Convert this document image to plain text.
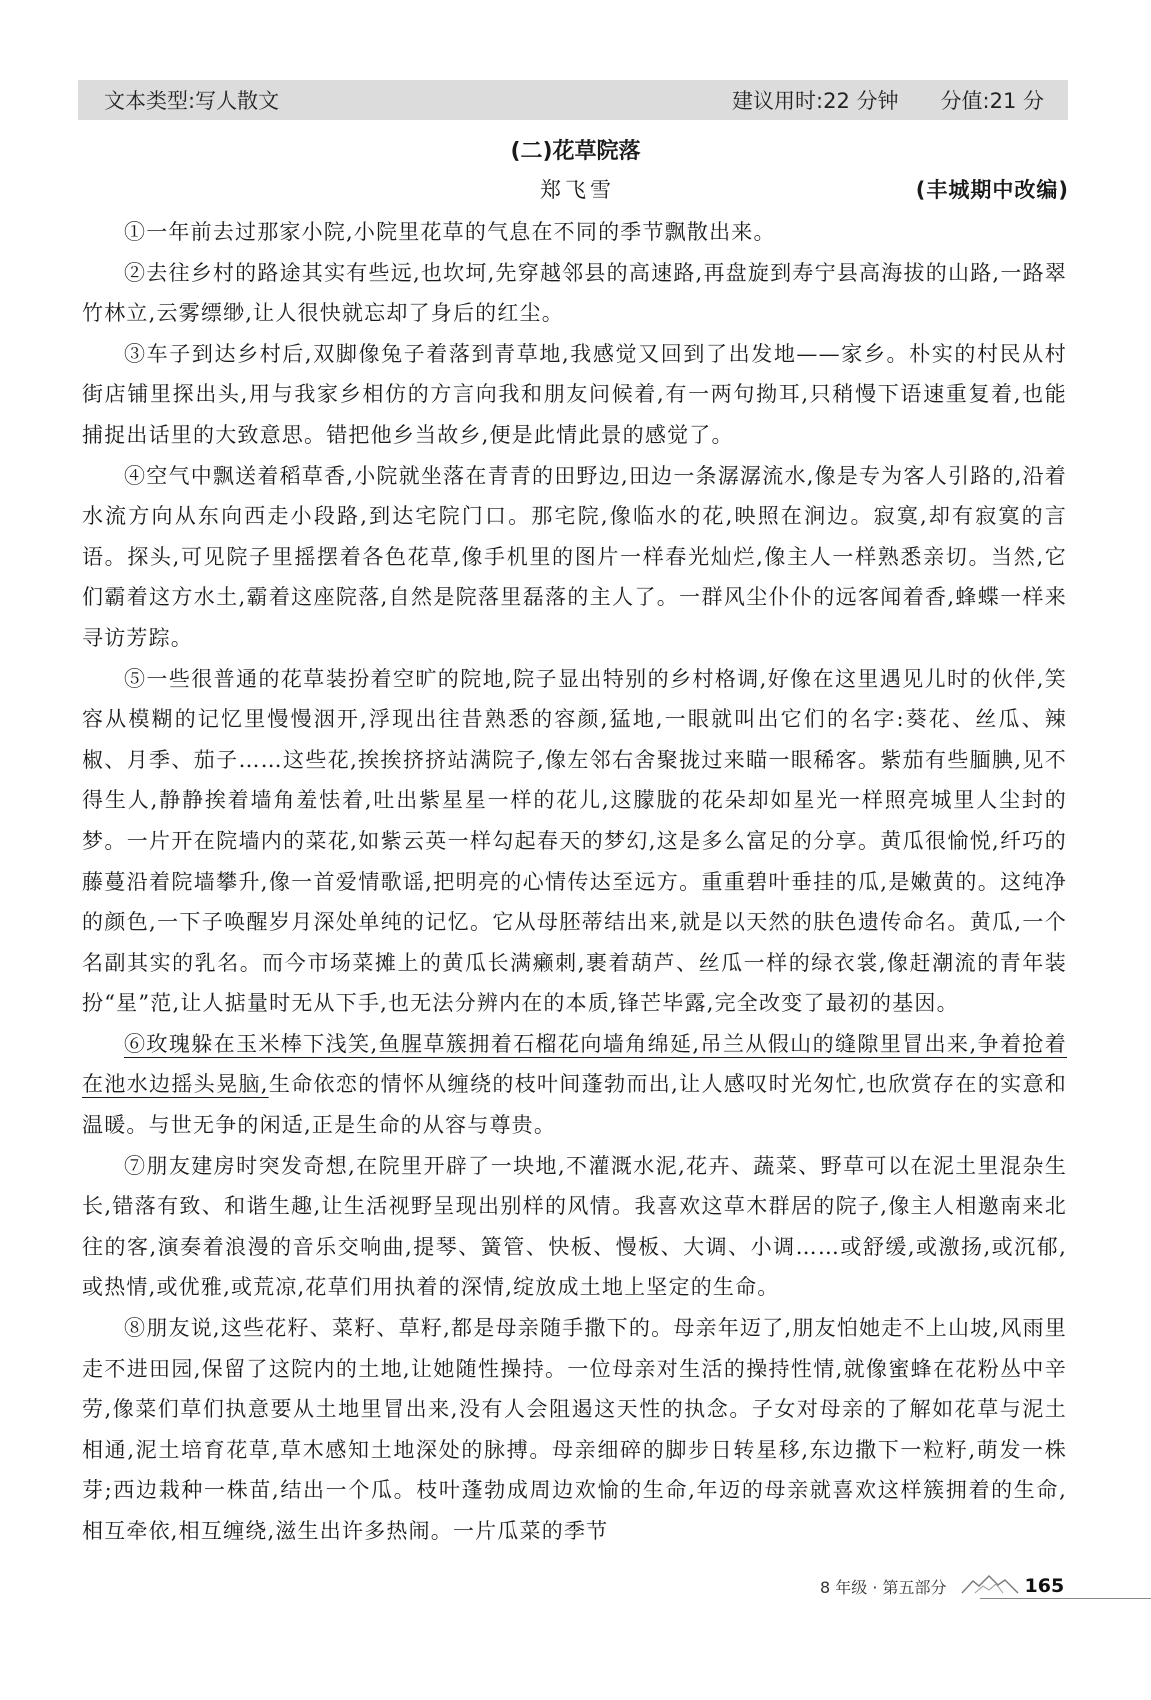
文本类型:写人散文	建议用时:22 分钟 分值:21 分
(二)花草院落
郑飞雪	(丰城期中改编)

①一年前去过那家小院,小院里花草的气息在不同的季节飘散出来。

②去往乡村的路途其实有些远,也坎坷,先穿越邻县的高速路,再盘旋到寿宁县高海拔的山路,一路翠竹林立,云雾缥缈,让人很快就忘却了身后的红尘。

③车子到达乡村后,双脚像兔子着落到青草地,我感觉又回到了出发地——家乡。朴实的村民从村街店铺里探出头,用与我家乡相仿的方言向我和朋友问候着,有一两句拗耳,只稍慢下语速重复着,也能捕捉出话里的大致意思。错把他乡当故乡,便是此情此景的感觉了。

④空气中飘送着稻草香,小院就坐落在青青的田野边,田边一条潺潺流水,像是专为客人引路的,沿着水流方向从东向西走小段路,到达宅院门口。那宅院,像临水的花,映照在涧边。寂寞,却有寂寞的言语。探头,可见院子里摇摆着各色花草,像手机里的图片一样春光灿烂,像主人一样熟悉亲切。当然,它们霸着这方水土,霸着这座院落,自然是院落里磊落的主人了。一群风尘仆仆的远客闻着香,蜂蝶一样来寻访芳踪。

⑤一些很普通的花草装扮着空旷的院地,院子显出特别的乡村格调,好像在这里遇见儿时的伙伴,笑容从模糊的记忆里慢慢洇开,浮现出往昔熟悉的容颜,猛地,一眼就叫出它们的名字:葵花、丝瓜、辣椒、月季、茄子……这些花,挨挨挤挤站满院子,像左邻右舍聚拢过来瞄一眼稀客。紫茄有些腼腆,见不得生人,静静挨着墙角羞怯着,吐出紫星星一样的花儿,这朦胧的花朵却如星光一样照亮城里人尘封的梦。一片开在院墙内的菜花,如紫云英一样勾起春天的梦幻,这是多么富足的分享。黄瓜很愉悦,纤巧的藤蔓沿着院墙攀升,像一首爱情歌谣,把明亮的心情传达至远方。重重碧叶垂挂的瓜,是嫩黄的。这纯净的颜色,一下子唤醒岁月深处单纯的记忆。它从母胚蒂结出来,就是以天然的肤色遗传命名。黄瓜,一个名副其实的乳名。而今市场菜摊上的黄瓜长满癞刺,裹着葫芦、丝瓜一样的绿衣裳,像赶潮流的青年装扮“星”范,让人掂量时无从下手,也无法分辨内在的本质,锋芒毕露,完全改变了最初的基因。

⑥玫瑰躲在玉米棒下浅笑,鱼腥草簇拥着石榴花向墙角绵延,吊兰从假山的缝隙里冒出来,争着抢着在池水边摇头晃脑,生命依恋的情怀从缠绕的枝叶间蓬勃而出,让人感叹时光匆忙,也欣赏存在的实意和温暖。与世无争的闲适,正是生命的从容与尊贵。

⑦朋友建房时突发奇想,在院里开辟了一块地,不灌溉水泥,花卉、蔬菜、野草可以在泥土里混杂生长,错落有致、和谐生趣,让生活视野呈现出别样的风情。我喜欢这草木群居的院子,像主人相邀南来北往的客,演奏着浪漫的音乐交响曲,提琴、簧管、快板、慢板、大调、小调……或舒缓,或激扬,或沉郁,或热情,或优雅,或荒凉,花草们用执着的深情,绽放成土地上坚定的生命。

⑧朋友说,这些花籽、菜籽、草籽,都是母亲随手撒下的。母亲年迈了,朋友怕她走不上山坡,风雨里走不进田园,保留了这院内的土地,让她随性操持。一位母亲对生活的操持性情,就像蜜蜂在花粉丛中辛劳,像菜们草们执意要从土地里冒出来,没有人会阻遏这天性的执念。子女对母亲的了解如花草与泥土相通,泥土培育花草,草木感知土地深处的脉搏。母亲细碎的脚步日转星移,东边撒下一粒籽,萌发一株芽;西边栽种一株苗,结出一个瓜。枝叶蓬勃成周边欢愉的生命,年迈的母亲就喜欢这样簇拥着的生命,相互牵依,相互缠绕,滋生出许多热闹。一片瓜菜的季节

8 年级 · 第五部分	165
